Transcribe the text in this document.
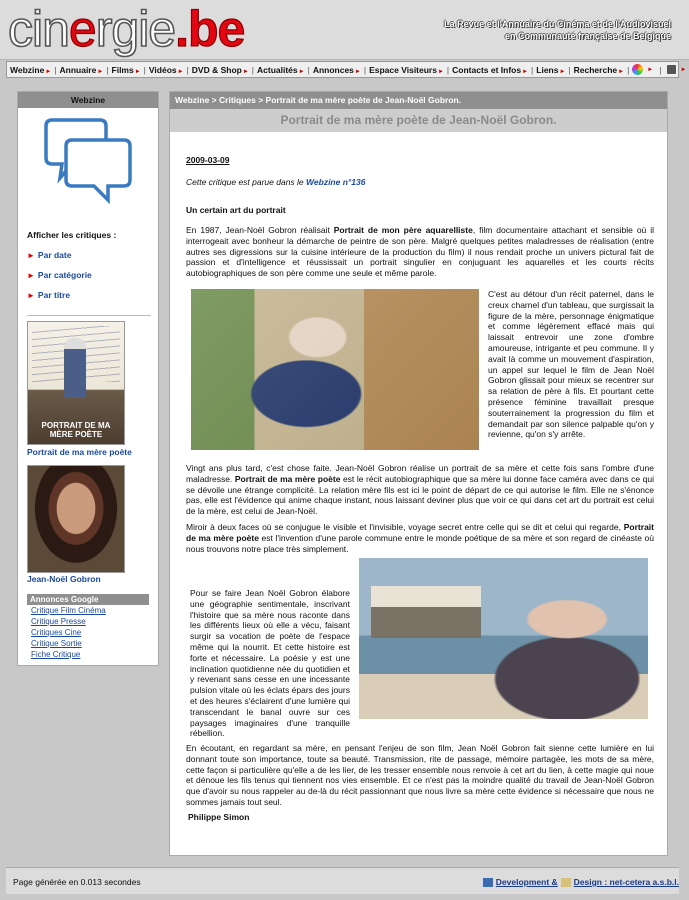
cin e rgie .be	La Revue et l'Annuaire du Cinéma et de l'Audiovisuel
en Communauté française de Belgique
Webzine► | Annuaire► | Films► | Vidéos► | DVD & Shop► | Actualités► | Annonces► | Espace Visiteurs► | Contacts et Infos► | Liens► | Recherche► |	► |	►
Webzine
Afficher les critiques :
► Par date
► Par catégorie
► Par titre
PORTRAIT DE MA MÈRE POÈTE
Portrait de ma mère poète
Jean-Noël Gobron
Annonces Google
Critique Film Cinéma
Critique Presse
Critiques Cine
Critique Sortie
Fiche Critique
Webzine > Critiques > Portrait de ma mère poète de Jean-Noël Gobron.
Portrait de ma mère poète de Jean-Noël Gobron.
2009-03-09
Cette critique est parue dans le Webzine n°136
Un certain art du portrait
En 1987, Jean-Noël Gobron réalisait Portrait de mon père aquarelliste, film documentaire attachant et sensible où il interrogeait avec bonheur la démarche de peintre de son père. Malgré quelques petites maladresses de réalisation (entre autres ses digressions sur la cuisine intérieure de la production du film) il nous rendait proche un univers pictural fait de passion et d'intelligence et réussissait un portrait singulier en conjuguant les aquarelles et les courts récits autobiographiques de son père comme une seule et même parole.
C'est au détour d'un récit paternel, dans le creux charnel d'un tableau, que surgissait la figure de la mère, personnage énigmatique et comme légèrement effacé mais qui laissait entrevoir une zone d'ombre amoureuse, intrigante et peu commune. Il y avait là comme un mouvement d'aspiration, un appel sur lequel le film de Jean Noël Gobron glissait pour mieux se recentrer sur sa relation de père à fils. Et pourtant cette présence féminine travaillait presque souterrainement la progression du film et demandait par son silence palpable qu'on y revienne, qu'on s'y arrête.
Vingt ans plus tard, c'est chose faite. Jean-Noël Gobron réalise un portrait de sa mère et cette fois sans l'ombre d'une maladresse. Portrait de ma mère poète est le récit autobiographique que sa mère lui donne face caméra avec dans ce qui se dévoile une étrange complicité. La relation mère fils est ici le point de départ de ce qui autorise le film. Elle ne s'énonce pas, elle est l'évidence qui anime chaque instant, nous laissant deviner plus que voir ce qui dans cet art du portrait est celui de la mère, est celui de Jean-Noël.
Miroir à deux faces où se conjugue le visible et l'invisible, voyage secret entre celle qui se dit et celui qui regarde, Portrait de ma mère poète est l'invention d'une parole commune entre le monde poétique de sa mère et son regard de cinéaste où nous trouvons notre place très simplement.
Pour se faire Jean Noël Gobron élabore une géographie sentimentale, inscrivant l'histoire que sa mère nous raconte dans les différents lieux où elle a vécu, faisant surgir sa vocation de poète de l'espace même qui la nourrit. Et cette histoire est forte et nécessaire. La poésie y est une inclination quotidienne née du quotidien et y revenant sans cesse en une incessante pulsion vitale où les éclats épars des jours et des heures s'éclairent d'une lumière qui transcendant le banal ouvre sur ces paysages imaginaires d'une tranquille rébellion.
En écoutant, en regardant sa mère, en pensant l'enjeu de son film, Jean Noël Gobron fait sienne cette lumière en lui donnant toute son importance, toute sa beauté. Transmission, rite de passage, mémoire partagée, les mots de sa mère, cette façon si particulière qu'elle a de les lier, de les tresser ensemble nous renvoie à cet art du lien, à cette magie qui noue et dénoue les fils tenus qui tiennent nos vies ensemble. Et ce n'est pas la moindre qualité du travail de Jean-Noël Gobron que d'avoir su nous rappeler au de-là du récit passionnant que nous livre sa mère cette évidence si nécessaire que nous ne sommes jamais tout seul.
Philippe Simon
Page générée en 0.013 secondes	Development & Design : net-cetera a.s.b.l.
